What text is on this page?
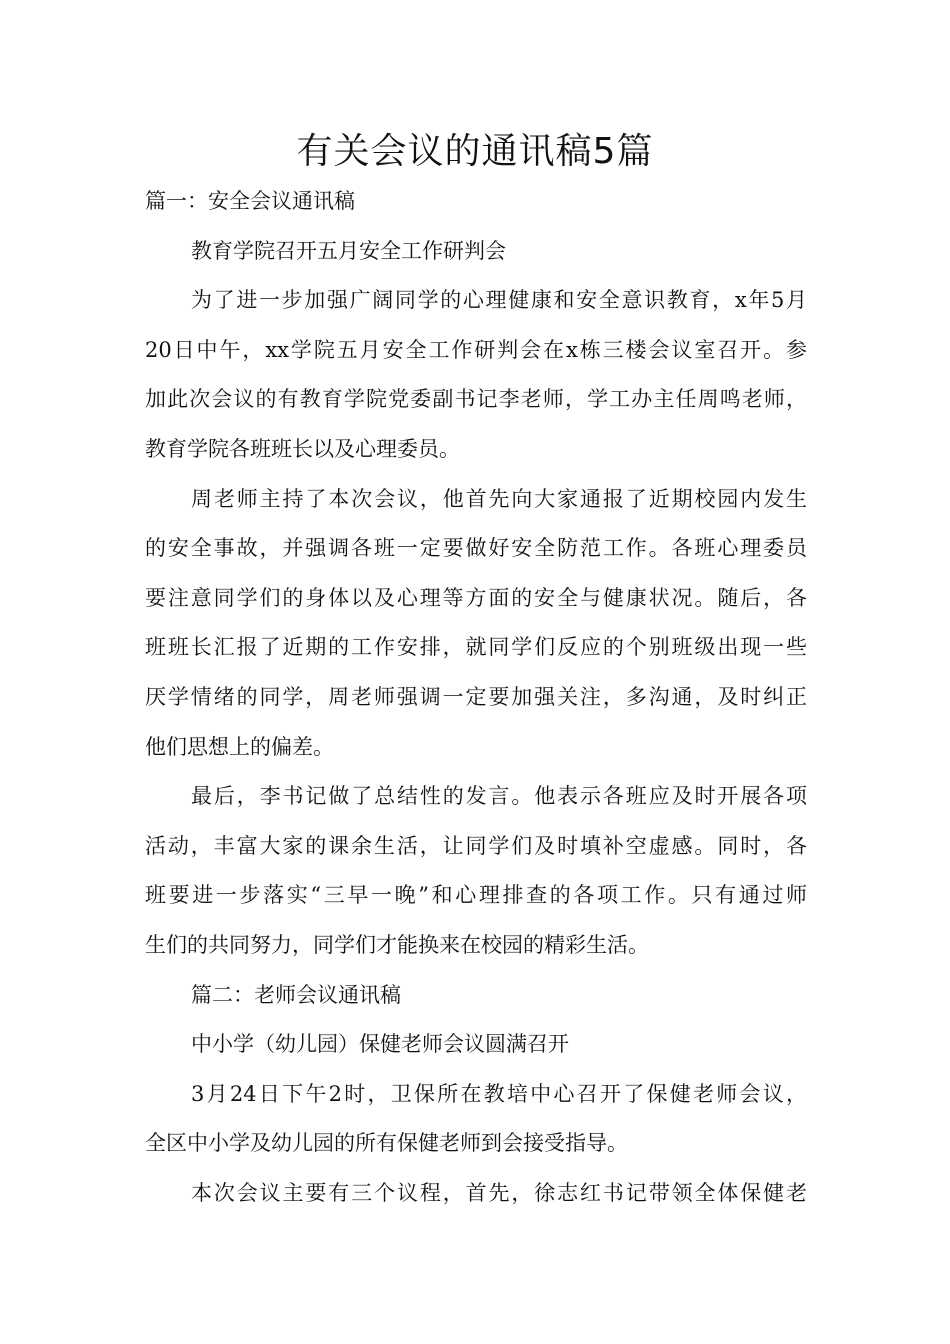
有关会议的通讯稿5篇

篇一：安全会议通讯稿

教育学院召开五月安全工作研判会

为了进一步加强广阔同学的心理健康和安全意识教育，x年5月
20日中午，xx学院五月安全工作研判会在x栋三楼会议室召开。参
加此次会议的有教育学院党委副书记李老师，学工办主任周鸣老师，
教育学院各班班长以及心理委员。

周老师主持了本次会议，他首先向大家通报了近期校园内发生
的安全事故，并强调各班一定要做好安全防范工作。各班心理委员
要注意同学们的身体以及心理等方面的安全与健康状况。随后，各
班班长汇报了近期的工作安排，就同学们反应的个别班级出现一些
厌学情绪的同学，周老师强调一定要加强关注，多沟通，及时纠正
他们思想上的偏差。

最后，李书记做了总结性的发言。他表示各班应及时开展各项
活动，丰富大家的课余生活，让同学们及时填补空虚感。同时，各
班要进一步落实“三早一晚”和心理排查的各项工作。只有通过师
生们的共同努力，同学们才能换来在校园的精彩生活。

篇二：老师会议通讯稿

中小学（幼儿园）保健老师会议圆满召开

3月24日下午2时，卫保所在教培中心召开了保健老师会议，
全区中小学及幼儿园的所有保健老师到会接受指导。

本次会议主要有三个议程，首先，徐志红书记带领全体保健老
